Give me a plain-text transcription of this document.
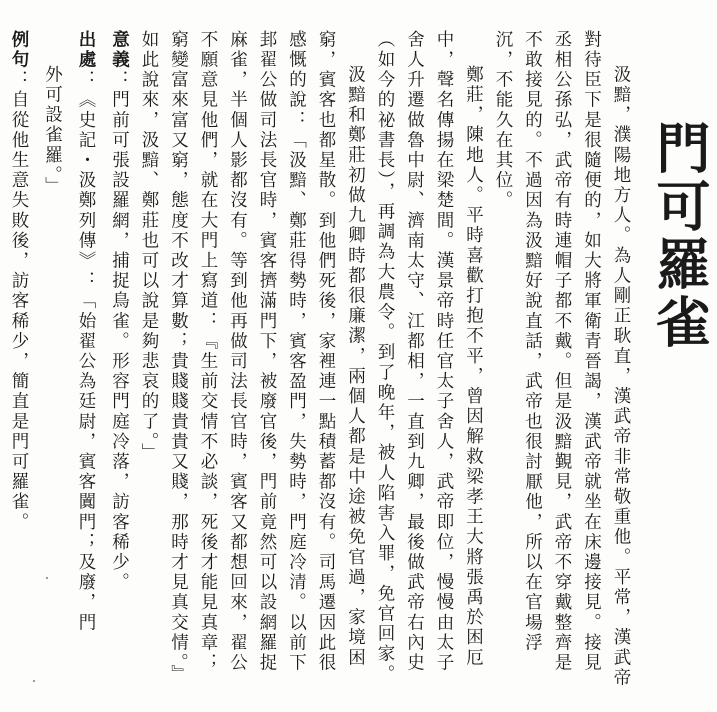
門可羅雀

汲黯，濮陽地方人。為人剛正耿直，漢武帝非常敬重他。平常，漢武帝對待臣下是很隨便的，如大將軍衛青晉謁，漢武帝就坐在床邊接見。接見丞相公孫弘，武帝有時連帽子都不戴。但是汲黯覲見，武帝不穿戴整齊是不敢接見的。不過因為汲黯好說直話，武帝也很討厭他，所以在官場浮沉，不能久在其位。

鄭莊，陳地人。平時喜歡打抱不平，曾因解救梁孝王大將張禹於困厄中，聲名傳揚在梁楚間。漢景帝時任官太子舍人，武帝即位，慢慢由太子舍人升遷做魯中尉、濟南太守、江都相，一直到九卿，最後做武帝右內史（如今的祕書長），再調為大農令。到了晚年，被人陷害入罪，免官回家。

汲黯和鄭莊初做九卿時都很廉潔，兩個人都是中途被免官過，家境困窮，賓客也都星散。到他們死後，家裡連一點積蓄都沒有。司馬遷因此很感慨的說：「汲黯、鄭莊得勢時，賓客盈門，失勢時，門庭冷清。以前下邽翟公做司法長官時，賓客擠滿門下，被廢官後，門前竟然可以設網羅捉麻雀，半個人影都沒有。等到他再做司法長官時，賓客又都想回來，翟公不願意見他們，就在大門上寫道：『生前交情不必談，死後才能見真章；窮變富來富又窮，態度不改才算數；貴賤賤貴貴又賤，那時才見真交情。』如此說來，汲黯、鄭莊也可以說是夠悲哀的了。」

意義：門前可張設羅網，捕捉鳥雀。形容門庭冷落，訪客稀少。
出處：《史記・汲鄭列傳》：「始翟公為廷尉，賓客闐門；及廢，門
外可設雀羅。」
例句：自從他生意失敗後，訪客稀少，簡直是門可羅雀。
